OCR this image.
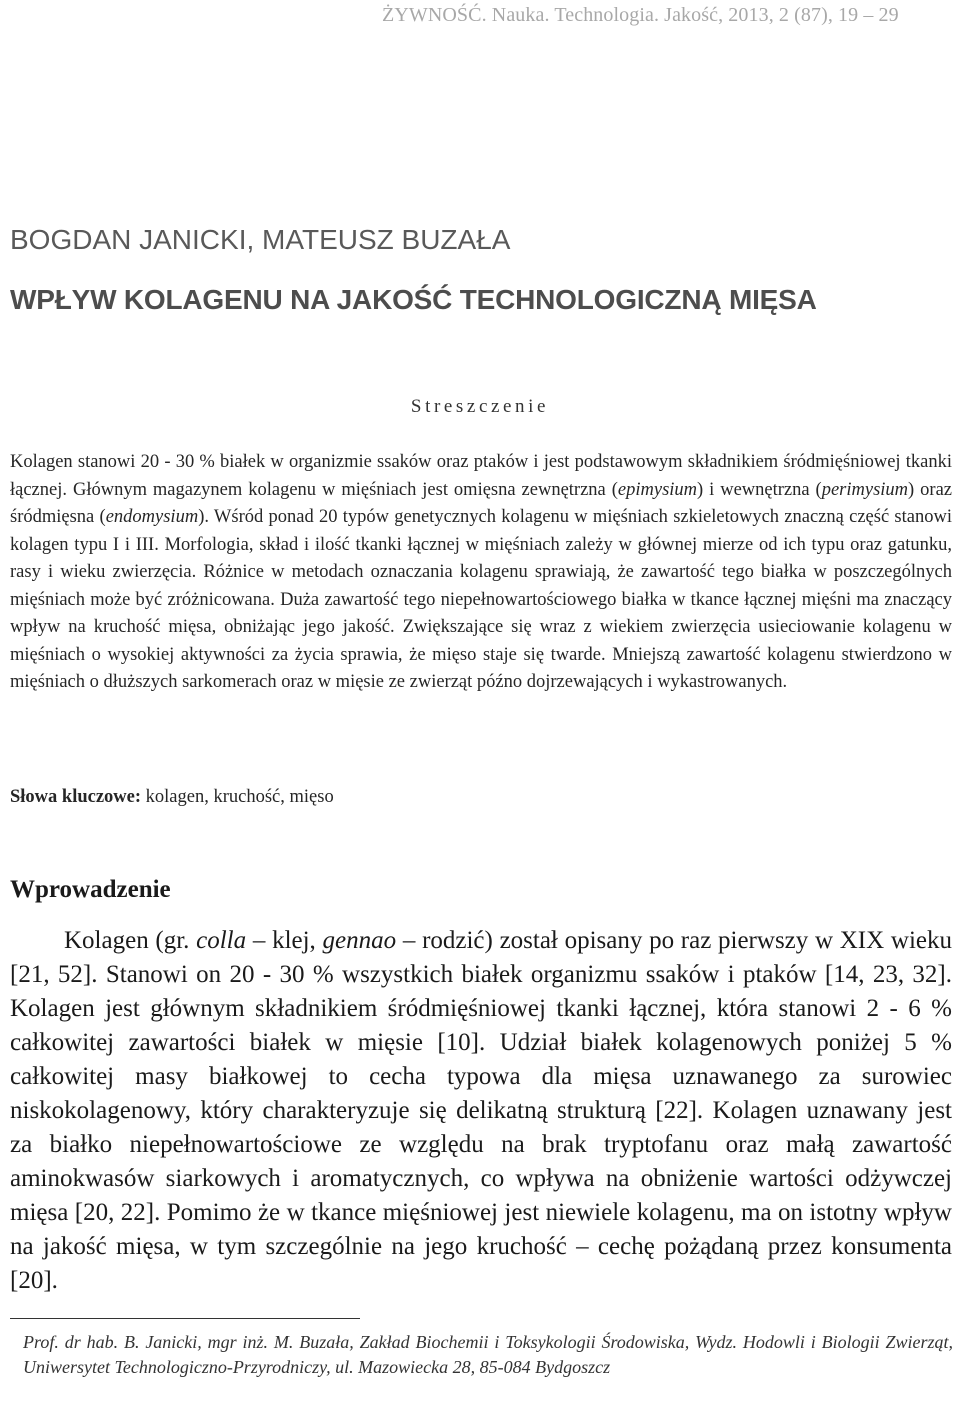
ŻYWNOŚĆ. Nauka. Technologia. Jakość, 2013, 2 (87), 19 – 29
BOGDAN JANICKI, MATEUSZ BUZAŁA
WPŁYW KOLAGENU NA JAKOŚĆ TECHNOLOGICZNĄ MIĘSA
Streszczenie

Kolagen stanowi 20 - 30 % białek w organizmie ssaków oraz ptaków i jest podstawowym składnikiem śródmięśniowej tkanki łącznej. Głównym magazynem kolagenu w mięśniach jest omięsna zewnętrzna (epimysium) i wewnętrzna (perimysium) oraz śródmięsna (endomysium). Wśród ponad 20 typów genetycznych kolagenu w mięśniach szkieletowych znaczną część stanowi kolagen typu I i III. Morfologia, skład i ilość tkanki łącznej w mięśniach zależy w głównej mierze od ich typu oraz gatunku, rasy i wieku zwierzęcia. Różnice w metodach oznaczania kolagenu sprawiają, że zawartość tego białka w poszczególnych mięśniach może być zróżnicowana. Duża zawartość tego niepełnowartościowego białka w tkance łącznej mięśni ma znaczący wpływ na kruchość mięsa, obniżając jego jakość. Zwiększające się wraz z wiekiem zwierzęcia usieciowanie kolagenu w mięśniach o wysokiej aktywności za życia sprawia, że mięso staje się twarde. Mniejszą zawartość kolagenu stwierdzono w mięśniach o dłuższych sarkomerach oraz w mięsie ze zwierząt późno dojrzewających i wykastrowanych.

Słowa kluczowe: kolagen, kruchość, mięso
Wprowadzenie

Kolagen (gr. colla – klej, gennao – rodzić) został opisany po raz pierwszy w XIX wieku [21, 52]. Stanowi on 20 - 30 % wszystkich białek organizmu ssaków i ptaków [14, 23, 32]. Kolagen jest głównym składnikiem śródmięśniowej tkanki łącznej, która stanowi 2 - 6 % całkowitej zawartości białek w mięsie [10]. Udział białek kolagenowych poniżej 5 % całkowitej masy białkowej to cecha typowa dla mięsa uznawanego za surowiec niskokolagenowy, który charakteryzuje się delikatną strukturą [22]. Kolagen uznawany jest za białko niepełnowartościowe ze względu na brak tryptofanu oraz małą zawartość aminokwasów siarkowych i aromatycznych, co wpływa na obniżenie wartości odżywczej mięsa [20, 22]. Pomimo że w tkance mięśniowej jest niewiele kolagenu, ma on istotny wpływ na jakość mięsa, w tym szczególnie na jego kruchość – cechę pożądaną przez konsumenta [20].

Prof. dr hab. B. Janicki, mgr inż. M. Buzała, Zakład Biochemii i Toksykologii Środowiska, Wydz. Hodowli i Biologii Zwierząt, Uniwersytet Technologiczno-Przyrodniczy, ul. Mazowiecka 28, 85-084 Bydgoszcz
